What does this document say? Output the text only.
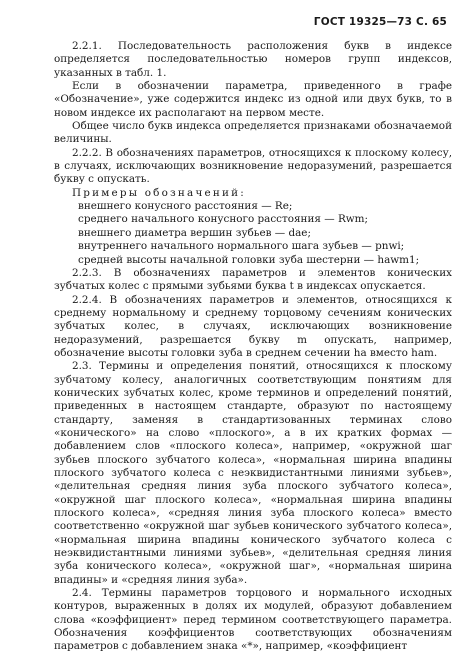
ГОСТ 19325—73 С. 65

2.2.1. Последовательность расположения букв в индексе определяется последовательностью номеров групп индексов, указанных в табл. 1.

Если в обозначении параметра, приведенного в графе «Обозначение», уже содержится индекс из одной или двух букв, то в новом индексе их располагают на первом месте.

Общее число букв индекса определяется признаками обозначаемой величины.

2.2.2. В обозначениях параметров, относящихся к плоскому колесу, в случаях, исключающих возникновение недоразумений, разрешается букву c опускать.

Примеры обозначений:

внешнего конусного расстояния — Re;

среднего начального конусного расстояния — Rwm;

внешнего диаметра вершин зубьев — dae;

внутреннего начального нормального шага зубьев — pnwi;

средней высоты начальной головки зуба шестерни — hawm1;

2.2.3. В обозначениях параметров и элементов конических зубчатых колес с прямыми зубьями буква t в индексах опускается.

2.2.4. В обозначениях параметров и элементов, относящихся к среднему нормальному и среднему торцовому сечениям конических зубчатых колес, в случаях, исключающих возникновение недоразумений, разрешается букву m опускать, например, обозначение высоты головки зуба в среднем сечении ha вместо ham.

2.3. Термины и определения понятий, относящихся к плоскому зубчатому колесу, аналогичных соответствующим понятиям для конических зубчатых колес, кроме терминов и определений понятий, приведенных в настоящем стандарте, образуют по настоящему стандарту, заменяя в стандартизованных терминах слово «конического» на слово «плоского», а в их кратких формах — добавлением слов «плоского колеса», например, «окружной шаг зубьев плоского зубчатого колеса», «нормальная ширина впадины плоского зубчатого колеса с неэквидистантными линиями зубьев», «делительная средняя линия зуба плоского зубчатого колеса», «окружной шаг плоского колеса», «нормальная ширина впадины плоского колеса», «средняя линия зуба плоского колеса» вместо соответственно «окружной шаг зубьев конического зубчатого колеса», «нормальная ширина впадины конического зубчатого колеса с неэквидистантными линиями зубьев», «делительная средняя линия зуба конического колеса», «окружной шаг», «нормальная ширина впадины» и «средняя линия зуба».

2.4. Термины параметров торцового и нормального исходных контуров, выраженных в долях их модулей, образуют добавлением слова «коэффициент» перед термином соответствующего параметра. Обозначения коэффициентов соответствующих обозначениям параметров с добавлением знака «*», например, «коэффициент
